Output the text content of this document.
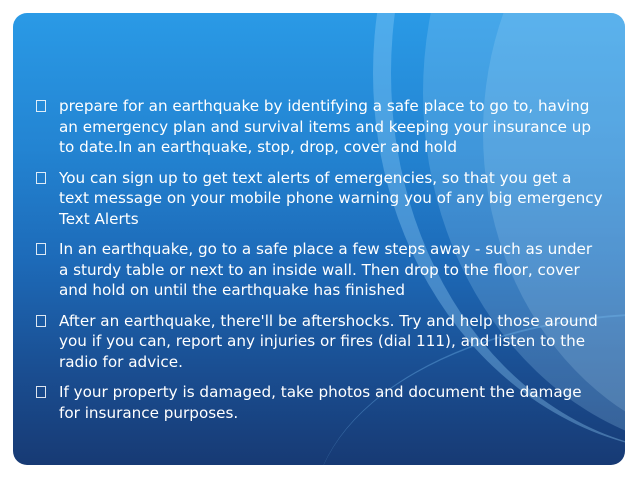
prepare for an earthquake by identifying a safe place to go to, having an emergency plan and survival items and keeping your insurance up to date.In an earthquake, stop, drop, cover and hold
You can sign up to get text alerts of emergencies, so that you get a text message on your mobile phone warning you of any big emergency Text Alerts
In an earthquake, go to a safe place a few steps away - such as under a sturdy table or next to an inside wall. Then drop to the floor, cover and hold on until the earthquake has finished
After an earthquake, there'll be aftershocks. Try and help those around you if you can, report any injuries or fires (dial 111), and listen to the radio for advice.
If your property is damaged, take photos and document the damage for insurance purposes.
